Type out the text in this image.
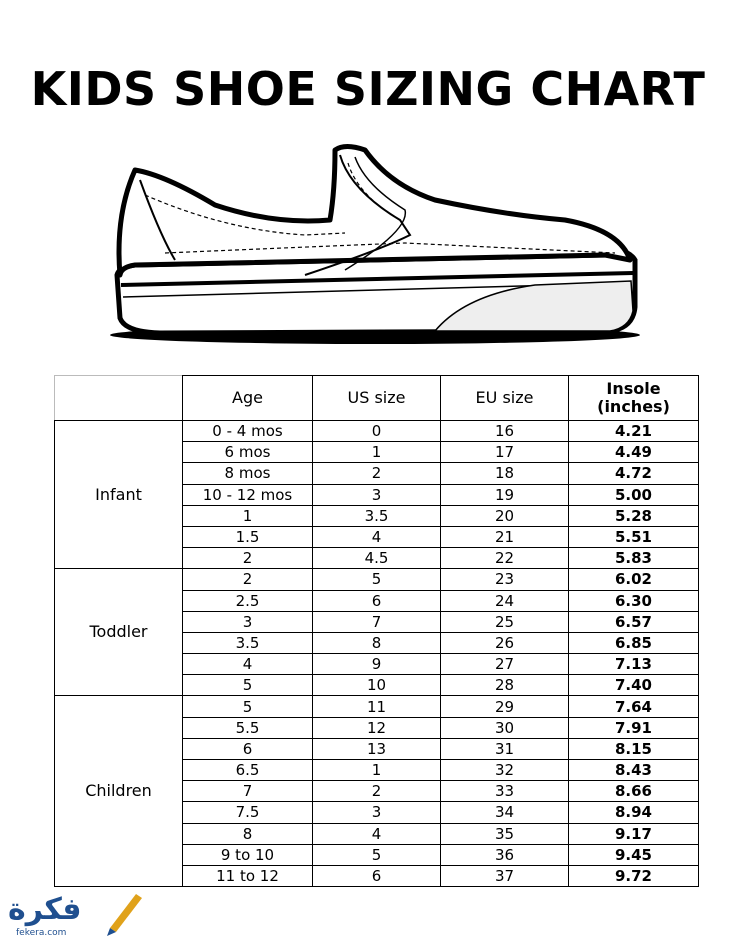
KIDS SHOE SIZING CHART
	Age	US size	EU size	Insole (inches)
Infant	0 - 4 mos	0	16	4.21
	6 mos	1	17	4.49
	8 mos	2	18	4.72
	10 - 12 mos	3	19	5.00
	1	3.5	20	5.28
	1.5	4	21	5.51
	2	4.5	22	5.83
Toddler	2	5	23	6.02
	2.5	6	24	6.30
	3	7	25	6.57
	3.5	8	26	6.85
	4	9	27	7.13
	5	10	28	7.40
Children	5	11	29	7.64
	5.5	12	30	7.91
	6	13	31	8.15
	6.5	1	32	8.43
	7	2	33	8.66
	7.5	3	34	8.94
	8	4	35	9.17
	9 to 10	5	36	9.45
	11 to 12	6	37	9.72
فكرة
fekera.com
